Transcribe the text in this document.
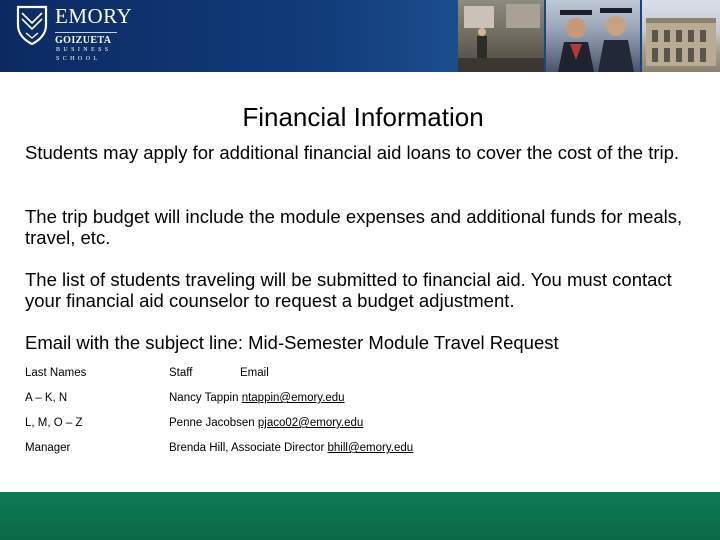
EMORY
GOIZUETA
BUSINESS
SCHOOL
Financial Information

Students may apply for additional financial aid loans to cover the cost of the trip.

The trip budget will include the module expenses and additional funds for meals, travel, etc.

The list of students traveling will be submitted to financial aid. You must contact your financial aid counselor to request a budget adjustment.

Email with the subject line: Mid-Semester Module Travel Request

Last Names	Staff	Email
A – K, N	Nancy Tappin ntappin@emory.edu
L, M, O – Z	Penne Jacobsen pjaco02@emory.edu
Manager	Brenda Hill, Associate Director bhill@emory.edu
